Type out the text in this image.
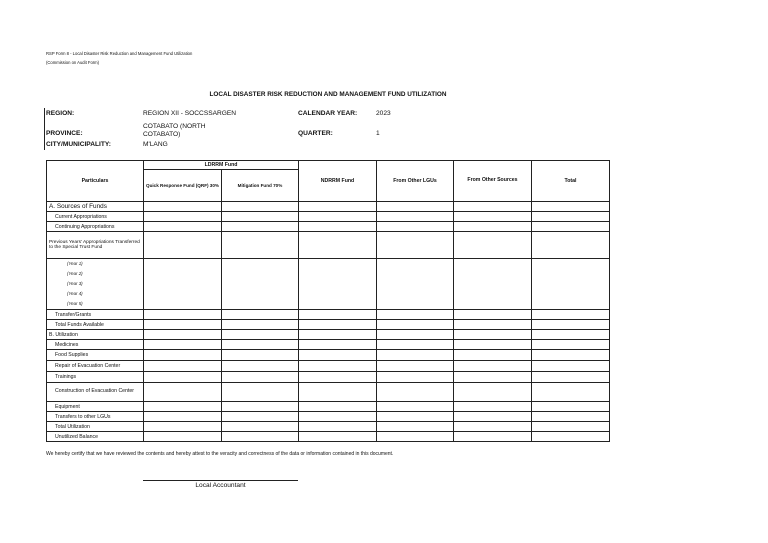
RSP Form 8 - Local Disaster Risk Reduction and Management Fund Utilization
(Commission on Audit Form)
LOCAL DISASTER RISK REDUCTION AND MANAGEMENT FUND UTILIZATION
REGION:	REGION XII - SOCCSSARGEN	CALENDAR YEAR:	2023
COTABATO (NORTH
COTABATO)
PROVINCE:	QUARTER:	1
CITY/MUNICIPALITY:	M'LANG
Particulars	LDRRM Fund		NDRRM Fund	From Other LGUs	From Other Sources	Total
	Quick Response Fund (QRF) 30%	Mitigation Fund 70%				
A. Sources of Funds						
Current Appropriations						
Continuing Appropriations						
Previous Years' Appropriations Transferred to the Special Trust Fund						

(Year 1)
(Year 2)
(Year 3)
(Year 4)
(Year 5)						

Transfer/Grants						
Total Funds Available						
B. Utilization						
Medicines						
Food Supplies						
Repair of Evacuation Center						
Trainings						
Construction of Evacuation Center						
Equipment						
Transfers to other LGUs						
Total Utilization						
Unutilized Balance						
We hereby certify that we have reviewed the contents and hereby attest to the veracity and correctness of the data or information contained in this document.
Local Accountant
